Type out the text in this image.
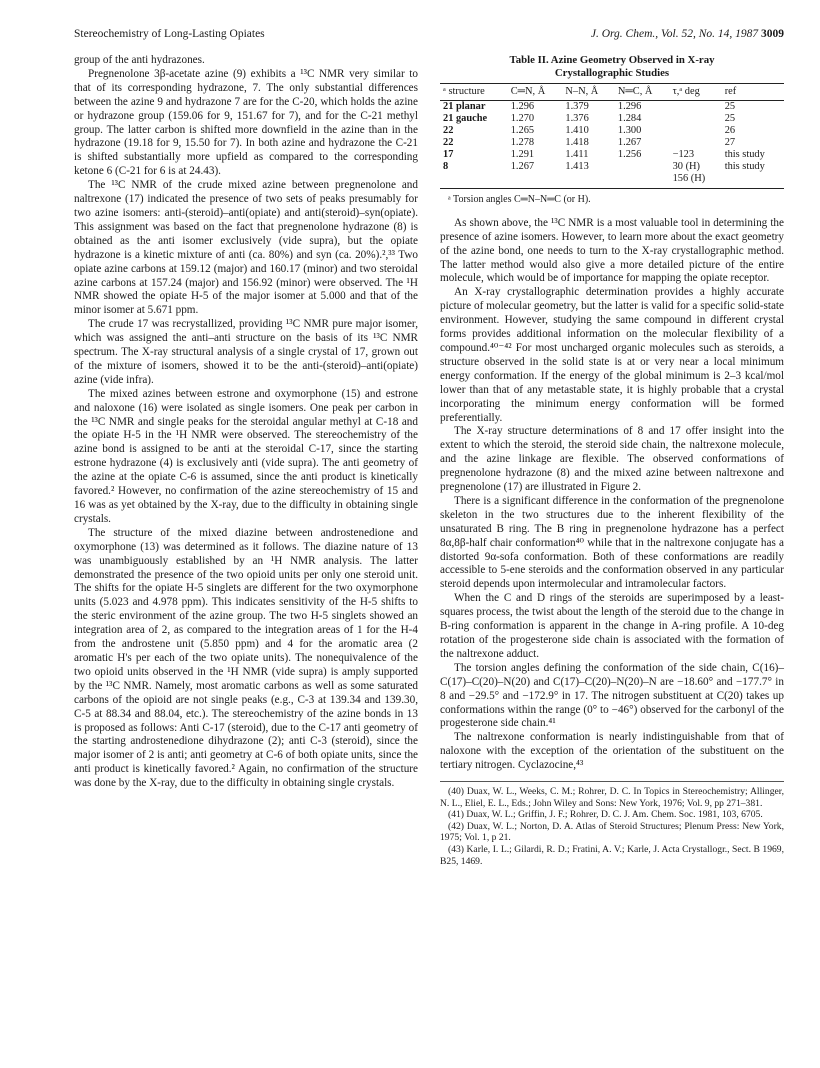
Stereochemistry of Long-Lasting Opiates	J. Org. Chem., Vol. 52, No. 14, 1987 3009

group of the anti hydrazones.

Pregnenolone 3β-acetate azine (9) exhibits a ¹³C NMR very similar to that of its corresponding hydrazone, 7. The only substantial differences between the azine 9 and hydrazone 7 are for the C-20, which holds the azine or hydrazone group (159.06 for 9, 151.67 for 7), and for the C-21 methyl group. The latter carbon is shifted more downfield in the azine than in the hydrazone (19.18 for 9, 15.50 for 7). In both azine and hydrazone the C-21 is shifted substantially more upfield as compared to the corresponding ketone 6 (C-21 for 6 is at 24.43).

The ¹³C NMR of the crude mixed azine between pregnenolone and naltrexone (17) indicated the presence of two sets of peaks presumably for two azine isomers: anti-(steroid)–anti(opiate) and anti(steroid)–syn(opiate). This assignment was based on the fact that pregnenolone hydrazone (8) is obtained as the anti isomer exclusively (vide supra), but the opiate hydrazone is a kinetic mixture of anti (ca. 80%) and syn (ca. 20%).²,³³ Two opiate azine carbons at 159.12 (major) and 160.17 (minor) and two steroidal azine carbons at 157.24 (major) and 156.92 (minor) were observed. The ¹H NMR showed the opiate H-5 of the major isomer at 5.000 and that of the minor isomer at 5.671 ppm.

The crude 17 was recrystallized, providing ¹³C NMR pure major isomer, which was assigned the anti–anti structure on the basis of its ¹³C NMR spectrum. The X-ray structural analysis of a single crystal of 17, grown out of the mixture of isomers, showed it to be the anti-(steroid)–anti(opiate) azine (vide infra).

The mixed azines between estrone and oxymorphone (15) and estrone and naloxone (16) were isolated as single isomers. One peak per carbon in the ¹³C NMR and single peaks for the steroidal angular methyl at C-18 and the opiate H-5 in the ¹H NMR were observed. The stereochemistry of the azine bond is assigned to be anti at the steroidal C-17, since the starting estrone hydrazone (4) is exclusively anti (vide supra). The anti geometry of the azine at the opiate C-6 is assumed, since the anti product is kinetically favored.² However, no confirmation of the azine stereochemistry of 15 and 16 was as yet obtained by the X-ray, due to the difficulty in obtaining single crystals.

The structure of the mixed diazine between androstenedione and oxymorphone (13) was determined as it follows. The diazine nature of 13 was unambiguously established by an ¹H NMR analysis. The latter demonstrated the presence of the two opioid units per only one steroid unit. The shifts for the opiate H-5 singlets are different for the two oxymorphone units (5.023 and 4.978 ppm). This indicates sensitivity of the H-5 shifts to the steric environment of the azine group. The two H-5 singlets showed an integration area of 2, as compared to the integration areas of 1 for the H-4 from the androstene unit (5.850 ppm) and 4 for the aromatic area (2 aromatic H's per each of the two opiate units). The nonequivalence of the two opioid units observed in the ¹H NMR (vide supra) is amply supported by the ¹³C NMR. Namely, most aromatic carbons as well as some saturated carbons of the opioid are not single peaks (e.g., C-3 at 139.34 and 139.30, C-5 at 88.34 and 88.04, etc.). The stereochemistry of the azine bonds in 13 is proposed as follows: Anti C-17 (steroid), due to the C-17 anti geometry of the starting androstenedione dihydrazone (2); anti C-3 (steroid), since the major isomer of 2 is anti; anti geometry at C-6 of both opiate units, since the anti product is kinetically favored.² Again, no confirmation of the structure was done by the X-ray, due to the difficulty in obtaining single crystals.

Table II. Azine Geometry Observed in X-ray
Crystallographic Studies
ᵃ structure	C═N, Å	N–N, Å	N═C, Å	τ,ᵃ deg	ref
21 planar	1.296	1.379	1.296		25
21 gauche	1.270	1.376	1.284		25
22	1.265	1.410	1.300		26
22	1.278	1.418	1.267		27
17	1.291	1.411	1.256	−123	this study
8	1.267	1.413		30 (H)	this study
				156 (H)	
ᵃ Torsion angles C═N–N═C (or H).

As shown above, the ¹³C NMR is a most valuable tool in determining the presence of azine isomers. However, to learn more about the exact geometry of the azine bond, one needs to turn to the X-ray crystallographic method. The latter method would also give a more detailed picture of the entire molecule, which would be of importance for mapping the opiate receptor.

An X-ray crystallographic determination provides a highly accurate picture of molecular geometry, but the latter is valid for a specific solid-state environment. However, studying the same compound in different crystal forms provides additional information on the molecular flexibility of a compound.⁴⁰⁻⁴² For most uncharged organic molecules such as steroids, a structure observed in the solid state is at or very near a local minimum energy conformation. If the energy of the global minimum is 2–3 kcal/mol lower than that of any metastable state, it is highly probable that a crystal incorporating the minimum energy conformation will be formed preferentially.

The X-ray structure determinations of 8 and 17 offer insight into the extent to which the steroid, the steroid side chain, the naltrexone molecule, and the azine linkage are flexible. The observed conformations of pregnenolone hydrazone (8) and the mixed azine between naltrexone and pregnenolone (17) are illustrated in Figure 2.

There is a significant difference in the conformation of the pregnenolone skeleton in the two structures due to the inherent flexibility of the unsaturated B ring. The B ring in pregnenolone hydrazone has a perfect 8α,8β-half chair conformation⁴⁰ while that in the naltrexone conjugate has a distorted 9α-sofa conformation. Both of these conformations are readily accessible to 5-ene steroids and the conformation observed in any particular steroid depends upon intermolecular and intramolecular factors.

When the C and D rings of the steroids are superimposed by a least-squares process, the twist about the length of the steroid due to the change in B-ring conformation is apparent in the change in A-ring profile. A 10-deg rotation of the progesterone side chain is associated with the formation of the naltrexone adduct.

The torsion angles defining the conformation of the side chain, C(16)–C(17)–C(20)–N(20) and C(17)–C(20)–N(20)–N are −18.60° and −177.7° in 8 and −29.5° and −172.9° in 17. The nitrogen substituent at C(20) takes up conformations within the range (0° to −46°) observed for the carbonyl of the progesterone side chain.⁴¹

The naltrexone conformation is nearly indistinguishable from that of naloxone with the exception of the orientation of the substituent on the tertiary nitrogen. Cyclazocine,⁴³

(40) Duax, W. L., Weeks, C. M.; Rohrer, D. C. In Topics in Stereochemistry; Allinger, N. L., Eliel, E. L., Eds.; John Wiley and Sons: New York, 1976; Vol. 9, pp 271–381.
(41) Duax, W. L.; Griffin, J. F.; Rohrer, D. C. J. Am. Chem. Soc. 1981, 103, 6705.
(42) Duax, W. L.; Norton, D. A. Atlas of Steroid Structures; Plenum Press: New York, 1975; Vol. 1, p 21.
(43) Karle, I. L.; Gilardi, R. D.; Fratini, A. V.; Karle, J. Acta Crystallogr., Sect. B 1969, B25, 1469.
